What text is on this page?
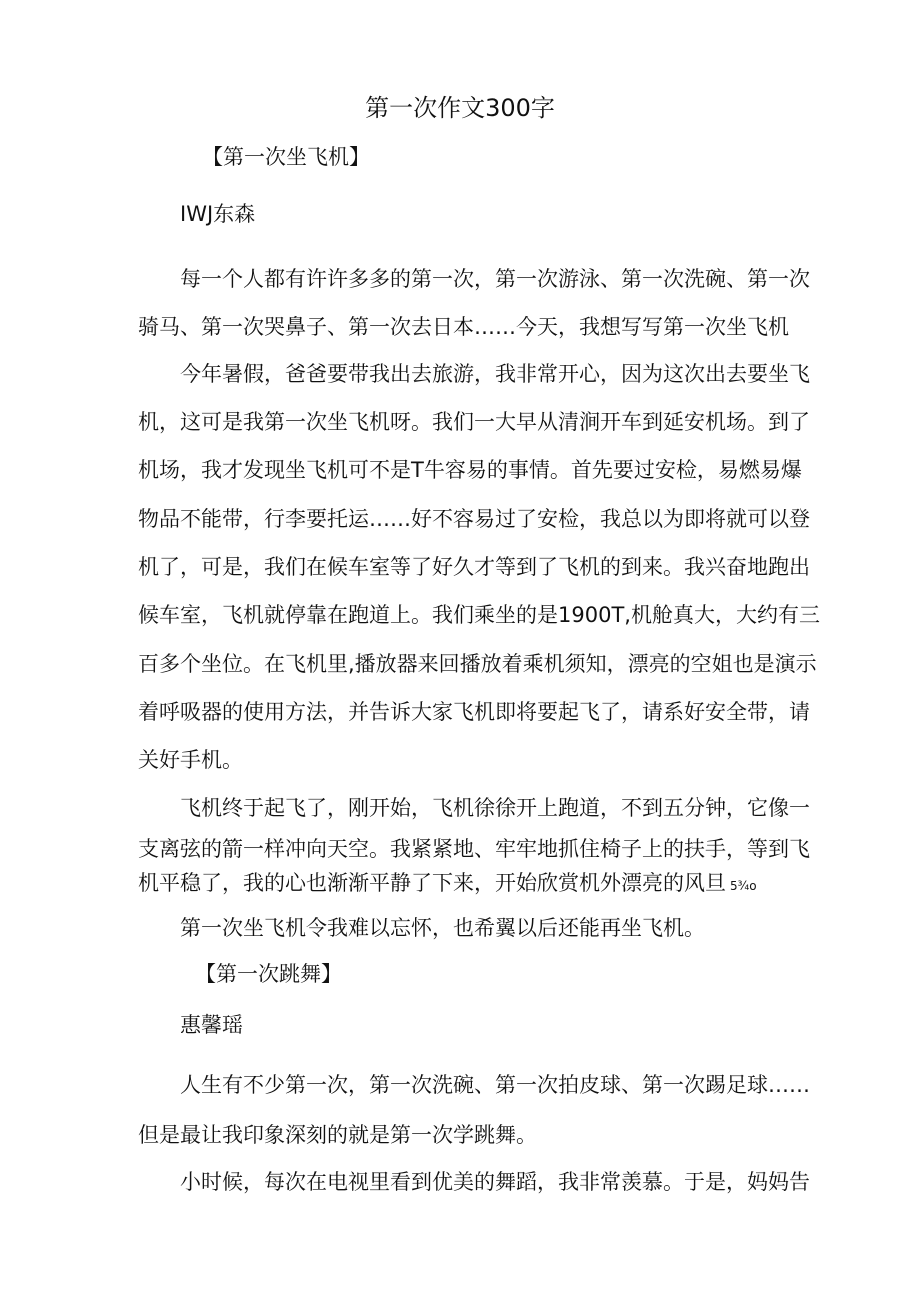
第一次作文300字
【第一次坐飞机】
IWJ东森
每一个人都有许许多多的第一次，第一次游泳、第一次洗碗、第一次
骑马、第一次哭鼻子、第一次去日本……今天，我想写写第一次坐飞机
今年暑假，爸爸要带我出去旅游，我非常开心，因为这次出去要坐飞
机，这可是我第一次坐飞机呀。我们一大早从清涧开车到延安机场。到了
机场，我才发现坐飞机可不是T牛容易的事情。首先要过安检，易燃易爆
物品不能带，行李要托运……好不容易过了安检，我总以为即将就可以登
机了，可是，我们在候车室等了好久才等到了飞机的到来。我兴奋地跑出
候车室，飞机就停靠在跑道上。我们乘坐的是1900T,机舱真大，大约有三
百多个坐位。在飞机里,播放器来回播放着乘机须知，漂亮的空姐也是演示
着呼吸器的使用方法，并告诉大家飞机即将要起飞了，请系好安全带，请
关好手机。
飞机终于起飞了，刚开始，飞机徐徐开上跑道，不到五分钟，它像一
支离弦的箭一样冲向天空。我紧紧地、牢牢地抓住椅子上的扶手，等到飞
机平稳了，我的心也渐渐平静了下来，开始欣赏机外漂亮的风旦 5¾o
第一次坐飞机令我难以忘怀，也希翼以后还能再坐飞机。
【第一次跳舞】
惠馨瑶
人生有不少第一次，第一次洗碗、第一次拍皮球、第一次踢足球……
但是最让我印象深刻的就是第一次学跳舞。
小时候，每次在电视里看到优美的舞蹈，我非常羡慕。于是，妈妈告
